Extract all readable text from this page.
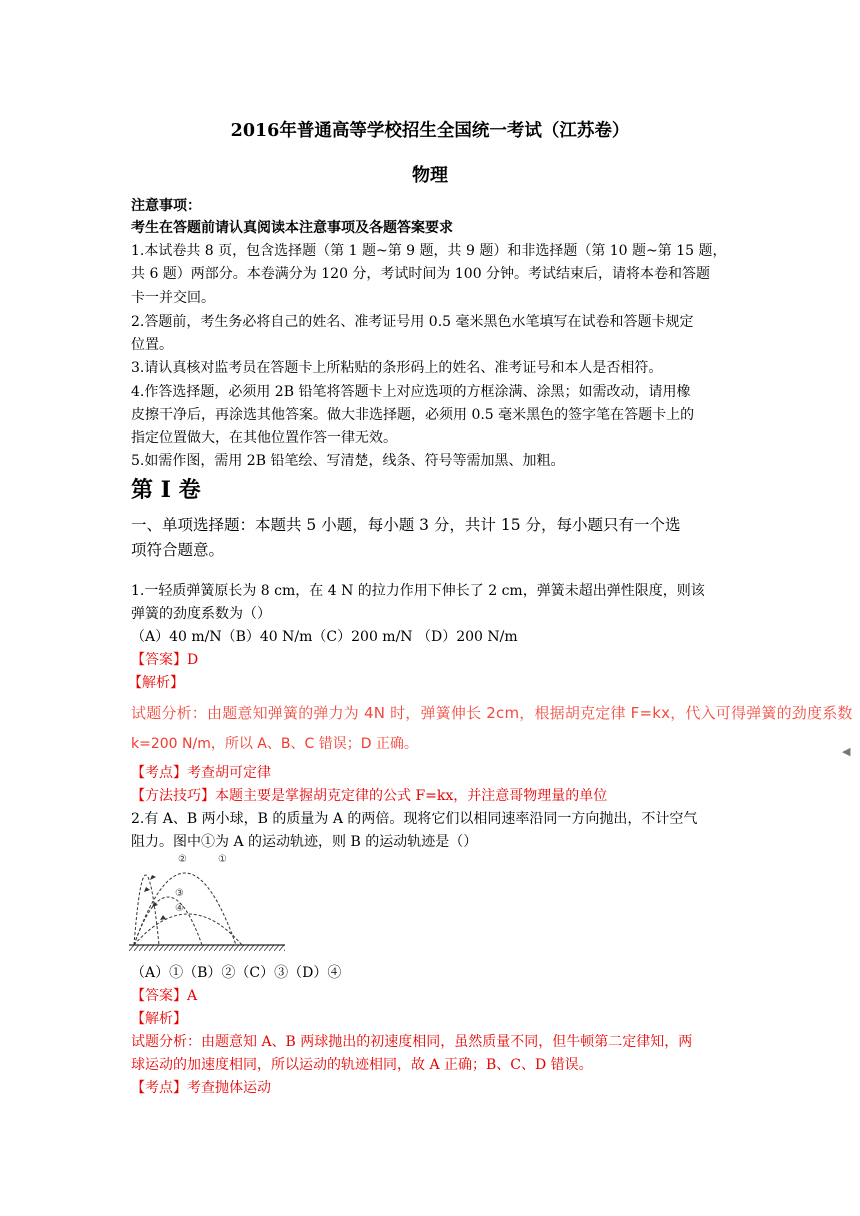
2016年普通高等学校招生全国统一考试（江苏卷）
物理
注意事项：
考生在答题前请认真阅读本注意事项及各题答案要求
1.本试卷共 8 页，包含选择题（第 1 题~第 9 题，共 9 题）和非选择题（第 10 题~第 15 题，
共 6 题）两部分。本卷满分为 120 分，考试时间为 100 分钟。考试结束后，请将本卷和答题
卡一并交回。
2.答题前，考生务必将自己的姓名、准考证号用 0.5 毫米黑色水笔填写在试卷和答题卡规定
位置。
3.请认真核对监考员在答题卡上所粘贴的条形码上的姓名、准考证号和本人是否相符。
4.作答选择题，必须用 2B 铅笔将答题卡上对应选项的方框涂满、涂黑；如需改动，请用橡
皮擦干净后，再涂选其他答案。做大非选择题，必须用 0.5 毫米黑色的签字笔在答题卡上的
指定位置做大，在其他位置作答一律无效。
5.如需作图，需用 2B 铅笔绘、写清楚，线条、符号等需加黑、加粗。
第 I 卷
一、单项选择题：本题共 5 小题，每小题 3 分，共计 15 分，每小题只有一个选
项符合题意。
1.一轻质弹簧原长为 8 cm，在 4 N 的拉力作用下伸长了 2 cm，弹簧未超出弹性限度，则该
弹簧的劲度系数为（）
（A）40 m/N（B）40 N/m（C）200 m/N （D）200 N/m
【答案】D
【解析】
试题分析：由题意知弹簧的弹力为 4N 时，弹簧伸长 2cm，根据胡克定律 F=kx，代入可得弹簧的劲度系数
k=200 N/m，所以 A、B、C 错误；D 正确。	◀
【考点】考查胡可定律
【方法技巧】本题主要是掌握胡克定律的公式 F=kx，并注意哥物理量的单位
2.有 A、B 两小球，B 的质量为 A 的两倍。现将它们以相同速率沿同一方向抛出，不计空气
阻力。图中①为 A 的运动轨迹，则 B 的运动轨迹是（）
②	①
③
④
（A）①（B）②（C）③（D）④
【答案】A
【解析】
试题分析：由题意知 A、B 两球抛出的初速度相同，虽然质量不同，但牛顿第二定律知，两
球运动的加速度相同，所以运动的轨迹相同，故 A 正确；B、C、D 错误。
【考点】考查抛体运动
